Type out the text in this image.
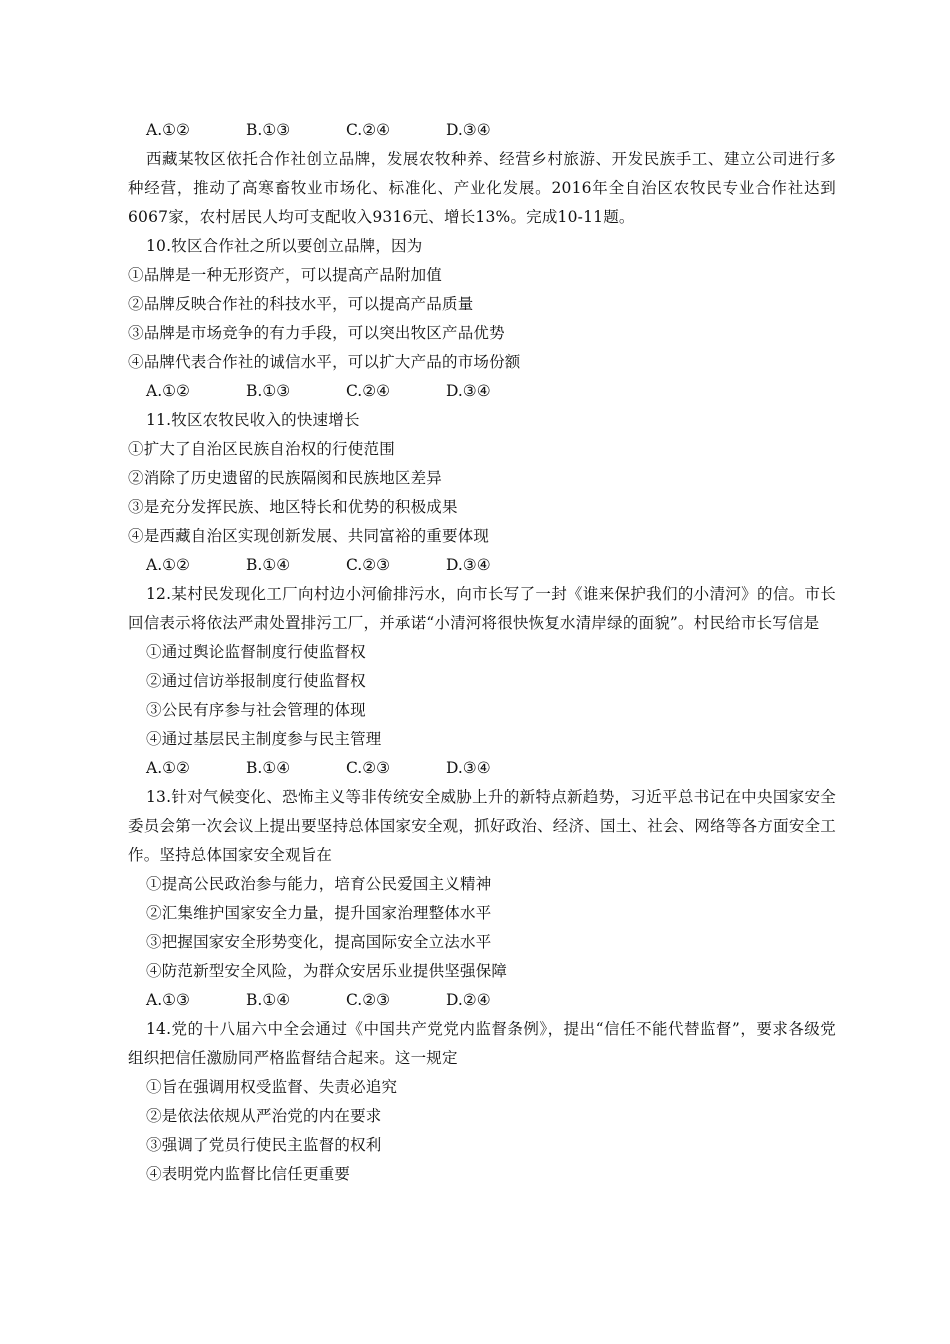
A.①②	B.①③	C.②④	D.③④
西藏某牧区依托合作社创立品牌，发展农牧种养、经营乡村旅游、开发民族手工、建立公司进行多种经营，推动了高寒畜牧业市场化、标准化、产业化发展。2016年全自治区农牧民专业合作社达到6067家，农村居民人均可支配收入9316元、增长13%。完成10-11题。
10.牧区合作社之所以要创立品牌，因为
①品牌是一种无形资产，可以提高产品附加值
②品牌反映合作社的科技水平，可以提高产品质量
③品牌是市场竞争的有力手段，可以突出牧区产品优势
④品牌代表合作社的诚信水平，可以扩大产品的市场份额
A.①②	B.①③	C.②④	D.③④
11.牧区农牧民收入的快速增长
①扩大了自治区民族自治权的行使范围
②消除了历史遗留的民族隔阂和民族地区差异
③是充分发挥民族、地区特长和优势的积极成果
④是西藏自治区实现创新发展、共同富裕的重要体现
A.①②	B.①④	C.②③	D.③④
12.某村民发现化工厂向村边小河偷排污水，向市长写了一封《谁来保护我们的小清河》的信。市长回信表示将依法严肃处置排污工厂，并承诺“小清河将很快恢复水清岸绿的面貌”。村民给市长写信是
①通过舆论监督制度行使监督权
②通过信访举报制度行使监督权
③公民有序参与社会管理的体现
④通过基层民主制度参与民主管理
A.①②	B.①④	C.②③	D.③④
13.针对气候变化、恐怖主义等非传统安全威胁上升的新特点新趋势，习近平总书记在中央国家安全委员会第一次会议上提出要坚持总体国家安全观，抓好政治、经济、国土、社会、网络等各方面安全工作。坚持总体国家安全观旨在
①提高公民政治参与能力，培育公民爱国主义精神
②汇集维护国家安全力量，提升国家治理整体水平
③把握国家安全形势变化，提高国际安全立法水平
④防范新型安全风险，为群众安居乐业提供坚强保障
A.①③	B.①④	C.②③	D.②④
14.党的十八届六中全会通过《中国共产党党内监督条例》，提出“信任不能代替监督”，要求各级党组织把信任激励同严格监督结合起来。这一规定
①旨在强调用权受监督、失责必追究
②是依法依规从严治党的内在要求
③强调了党员行使民主监督的权利
④表明党内监督比信任更重要
